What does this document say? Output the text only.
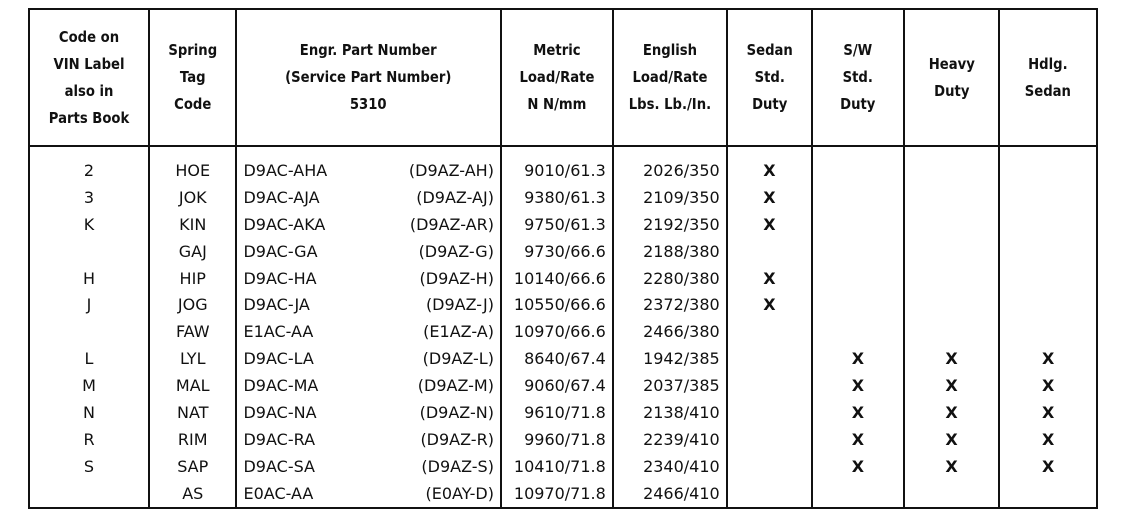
Code on
VIN Label
also in
Parts Book	Spring
Tag
Code	Engr. Part Number
(Service Part Number)
5310	Metric
Load/Rate
N N/mm	English
Load/Rate
Lbs. Lb./In.	Sedan
Std.
Duty	S/W
Std.
Duty	Heavy
Duty	Hdlg.
Sedan
2	HOE	D9AC-AHA (D9AZ-AH)	9010/61.3	2026/350	X			
3	JOK	D9AC-AJA (D9AZ-AJ)	9380/61.3	2109/350	X			
K	KIN	D9AC-AKA (D9AZ-AR)	9750/61.3	2192/350	X			
	GAJ	D9AC-GA (D9AZ-G)	9730/66.6	2188/380				
H	HIP	D9AC-HA (D9AZ-H)	10140/66.6	2280/380	X			
J	JOG	D9AC-JA (D9AZ-J)	10550/66.6	2372/380	X			
	FAW	E1AC-AA (E1AZ-A)	10970/66.6	2466/380				
L	LYL	D9AC-LA (D9AZ-L)	8640/67.4	1942/385		X	X	X
M	MAL	D9AC-MA (D9AZ-M)	9060/67.4	2037/385		X	X	X
N	NAT	D9AC-NA (D9AZ-N)	9610/71.8	2138/410		X	X	X
R	RIM	D9AC-RA (D9AZ-R)	9960/71.8	2239/410		X	X	X
S	SAP	D9AC-SA (D9AZ-S)	10410/71.8	2340/410		X	X	X
	AS	E0AC-AA (E0AY-D)	10970/71.8	2466/410				
